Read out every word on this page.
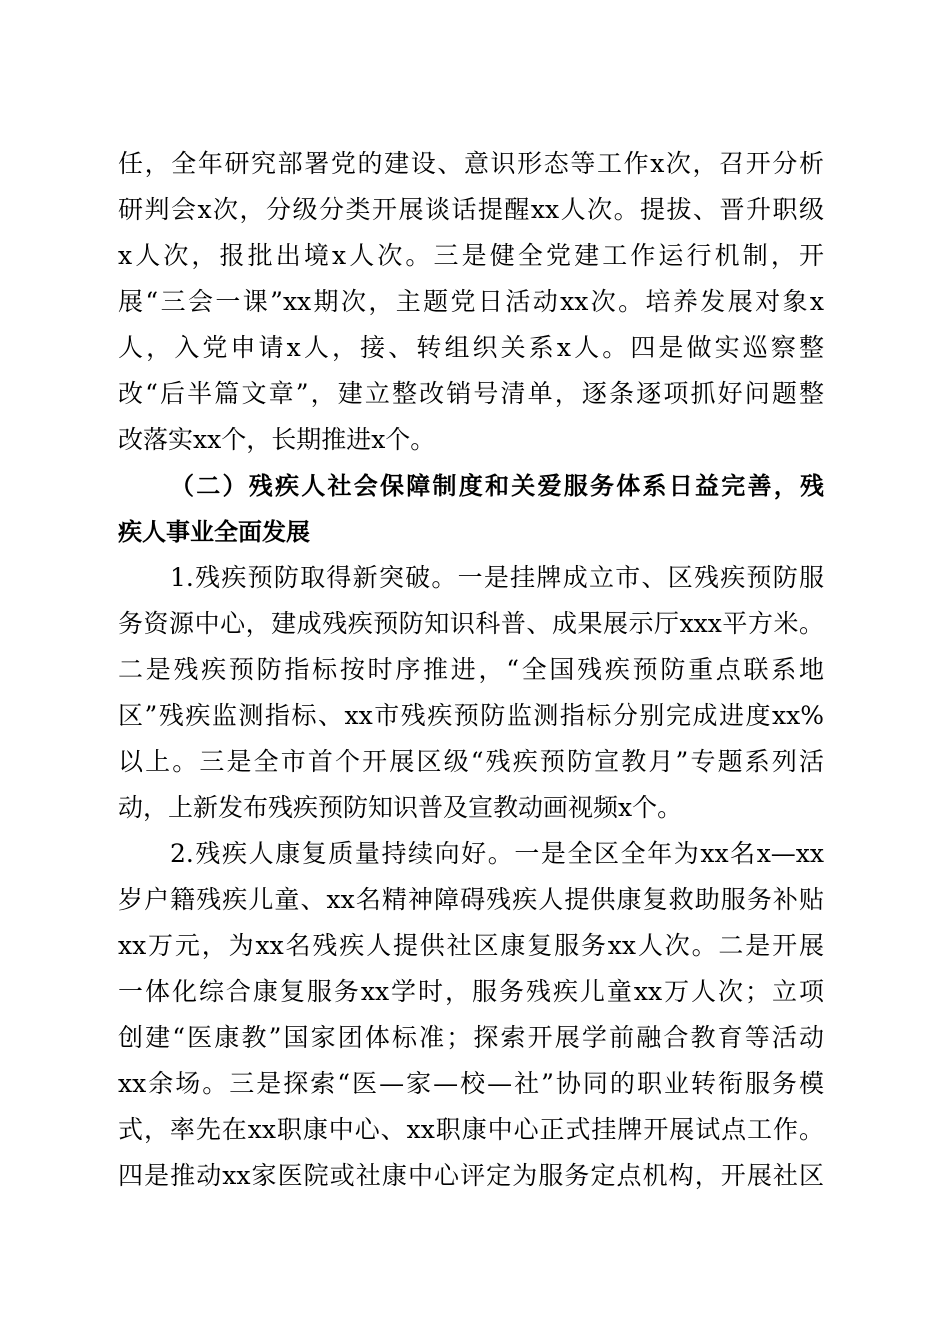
任，全年研究部署党的建设、意识形态等工作x次，召开分析
研判会x次，分级分类开展谈话提醒xx人次。提拔、晋升职级
x人次，报批出境x人次。三是健全党建工作运行机制，开
展“三会一课”xx期次，主题党日活动xx次。培养发展对象x
人，入党申请x人，接、转组织关系x人。四是做实巡察整
改“后半篇文章”，建立整改销号清单，逐条逐项抓好问题整
改落实xx个，长期推进x个。
（二）残疾人社会保障制度和关爱服务体系日益完善，残
疾人事业全面发展
1.残疾预防取得新突破。一是挂牌成立市、区残疾预防服
务资源中心，建成残疾预防知识科普、成果展示厅xxx平方米。
二是残疾预防指标按时序推进，“全国残疾预防重点联系地
区”残疾监测指标、xx市残疾预防监测指标分别完成进度xx%
以上。三是全市首个开展区级“残疾预防宣教月”专题系列活
动，上新发布残疾预防知识普及宣教动画视频x个。
2.残疾人康复质量持续向好。一是全区全年为xx名x—xx
岁户籍残疾儿童、xx名精神障碍残疾人提供康复救助服务补贴
xx万元，为xx名残疾人提供社区康复服务xx人次。二是开展
一体化综合康复服务xx学时，服务残疾儿童xx万人次；立项
创建“医康教”国家团体标准；探索开展学前融合教育等活动
xx余场。三是探索“医—家—校—社”协同的职业转衔服务模
式，率先在xx职康中心、xx职康中心正式挂牌开展试点工作。
四是推动xx家医院或社康中心评定为服务定点机构，开展社区
